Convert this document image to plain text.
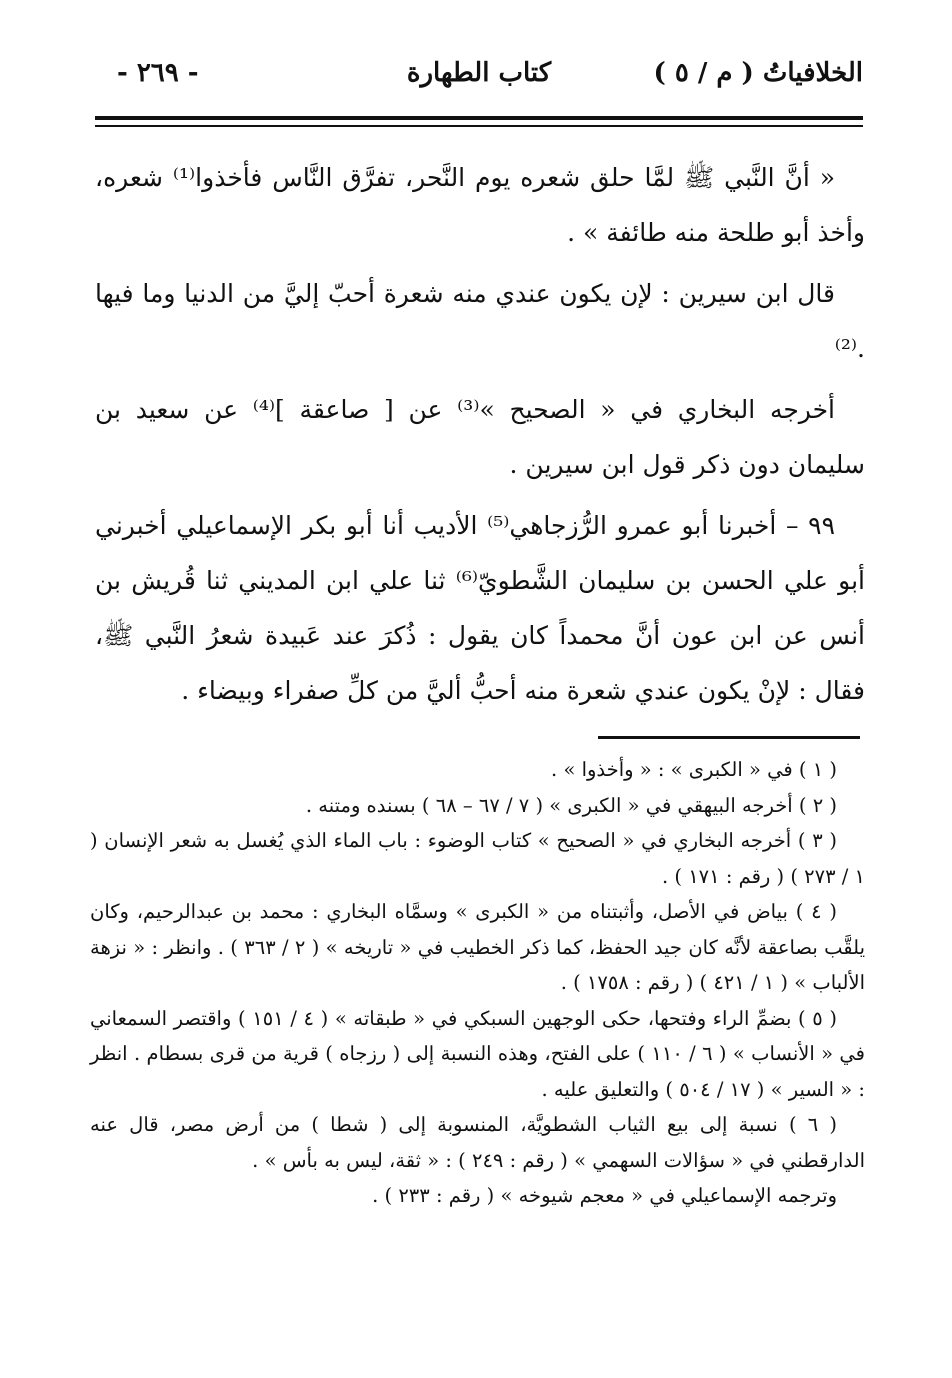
الخلافياتُ ( م / ٥ )
كتاب الطهارة
- ٢٦٩ -

« أنَّ النَّبي ﷺ لمَّا حلق شعره يوم النَّحر، تفرَّق النَّاس فأخذوا⁽¹⁾ شعره، وأخذ أبو طلحة منه طائفة » .

قال ابن سيرين : لإن يكون عندي منه شعرة أحبّ إليَّ من الدنيا وما فيها .⁽²⁾

أخرجه البخاري في « الصحيح »⁽³⁾ عن [ صاعقة ]⁽⁴⁾ عن سعيد بن سليمان دون ذكر قول ابن سيرين .

٩٩ – أخبرنا أبو عمرو الرُّزجاهي⁽⁵⁾ الأديب أنا أبو بكر الإسماعيلي أخبرني أبو علي الحسن بن سليمان الشَّطويّ⁽⁶⁾ ثنا علي ابن المديني ثنا قُريش بن أنس عن ابن عون أنَّ محمداً كان يقول : ذُكرَ عند عَبيدة شعرُ النَّبي ﷺ، فقال : لإنْ يكون عندي شعرة منه أحبُّ أليَّ من كلِّ صفراء وبيضاء .

( ١ ) في « الكبرى » : « وأخذوا » .

( ٢ ) أخرجه البيهقي في « الكبرى » ( ٧ / ٦٧ – ٦٨ ) بسنده ومتنه .

( ٣ ) أخرجه البخاري في « الصحيح » كتاب الوضوء : باب الماء الذي يُغسل به شعر الإنسان ( ١ / ٢٧٣ ) ( رقم : ١٧١ ) .

( ٤ ) بياض في الأصل، وأثبتناه من « الكبرى » وسمَّاه البخاري : محمد بن عبدالرحيم، وكان يلقَّب بصاعقة لأنَّه كان جيد الحفظ، كما ذكر الخطيب في « تاريخه » ( ٢ / ٣٦٣ ) . وانظر : « نزهة الألباب » ( ١ / ٤٢١ ) ( رقم : ١٧٥٨ ) .

( ٥ ) بضمِّ الراء وفتحها، حكى الوجهين السبكي في « طبقاته » ( ٤ / ١٥١ ) واقتصر السمعاني في « الأنساب » ( ٦ / ١١٠ ) على الفتح، وهذه النسبة إلى ( رزجاه ) قرية من قرى بسطام . انظر : « السير » ( ١٧ / ٥٠٤ ) والتعليق عليه .

( ٦ ) نسبة إلى بيع الثياب الشطويَّة، المنسوبة إلى ( شطا ) من أرض مصر، قال عنه الدارقطني في « سؤالات السهمي » ( رقم : ٢٤٩ ) : « ثقة، ليس به بأس » .

وترجمه الإسماعيلي في « معجم شيوخه » ( رقم : ٢٣٣ ) .
